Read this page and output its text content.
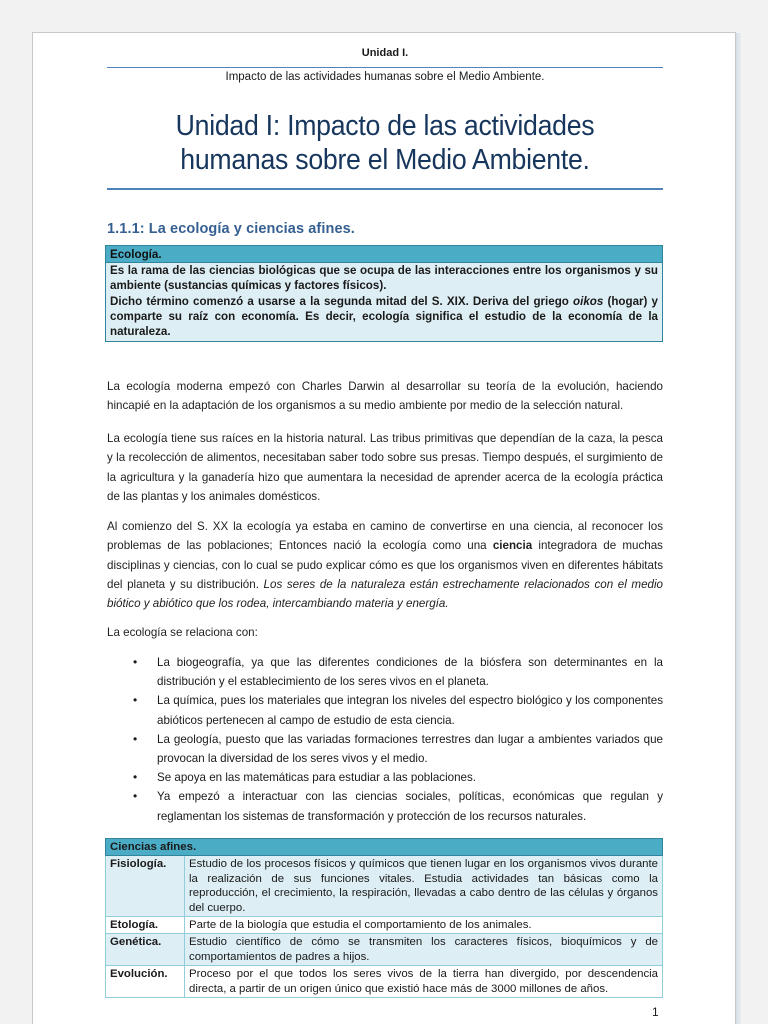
Unidad I.
Impacto de las actividades humanas sobre el Medio Ambiente.
Unidad I: Impacto de las actividades
humanas sobre el Medio Ambiente.
1.1.1: La ecología y ciencias afines.
Ecología.
Es la rama de las ciencias biológicas que se ocupa de las interacciones entre los organismos y su ambiente (sustancias químicas y factores físicos).
Dicho término comenzó a usarse a la segunda mitad del S. XIX. Deriva del griego oikos (hogar) y comparte su raíz con economía. Es decir, ecología significa el estudio de la economía de la naturaleza.

La ecología moderna empezó con Charles Darwin al desarrollar su teoría de la evolución, haciendo hincapié en la adaptación de los organismos a su medio ambiente por medio de la selección natural.

La ecología tiene sus raíces en la historia natural. Las tribus primitivas que dependían de la caza, la pesca y la recolección de alimentos, necesitaban saber todo sobre sus presas. Tiempo después, el surgimiento de la agricultura y la ganadería hizo que aumentara la necesidad de aprender acerca de la ecología práctica de las plantas y los animales domésticos.

Al comienzo del S. XX la ecología ya estaba en camino de convertirse en una ciencia, al reconocer los problemas de las poblaciones; Entonces nació la ecología como una ciencia integradora de muchas disciplinas y ciencias, con lo cual se pudo explicar cómo es que los organismos viven en diferentes hábitats del planeta y su distribución. Los seres de la naturaleza están estrechamente relacionados con el medio biótico y abiótico que los rodea, intercambiando materia y energía.

La ecología se relaciona con:

• La biogeografía, ya que las diferentes condiciones de la biósfera son determinantes en la distribución y el establecimiento de los seres vivos en el planeta.
• La química, pues los materiales que integran los niveles del espectro biológico y los componentes abióticos pertenecen al campo de estudio de esta ciencia.
• La geología, puesto que las variadas formaciones terrestres dan lugar a ambientes variados que provocan la diversidad de los seres vivos y el medio.
• Se apoya en las matemáticas para estudiar a las poblaciones.
• Ya empezó a interactuar con las ciencias sociales, políticas, económicas que regulan y reglamentan los sistemas de transformación y protección de los recursos naturales.
Ciencias afines.	
Fisiología.	Estudio de los procesos físicos y químicos que tienen lugar en los organismos vivos durante la realización de sus funciones vitales. Estudia actividades tan básicas como la reproducción, el crecimiento, la respiración, llevadas a cabo dentro de las células y órganos del cuerpo.
Etología.	Parte de la biología que estudia el comportamiento de los animales.
Genética.	Estudio científico de cómo se transmiten los caracteres físicos, bioquímicos y de comportamientos de padres a hijos.
Evolución.	Proceso por el que todos los seres vivos de la tierra han divergido, por descendencia directa, a partir de un origen único que existió hace más de 3000 millones de años.
1
